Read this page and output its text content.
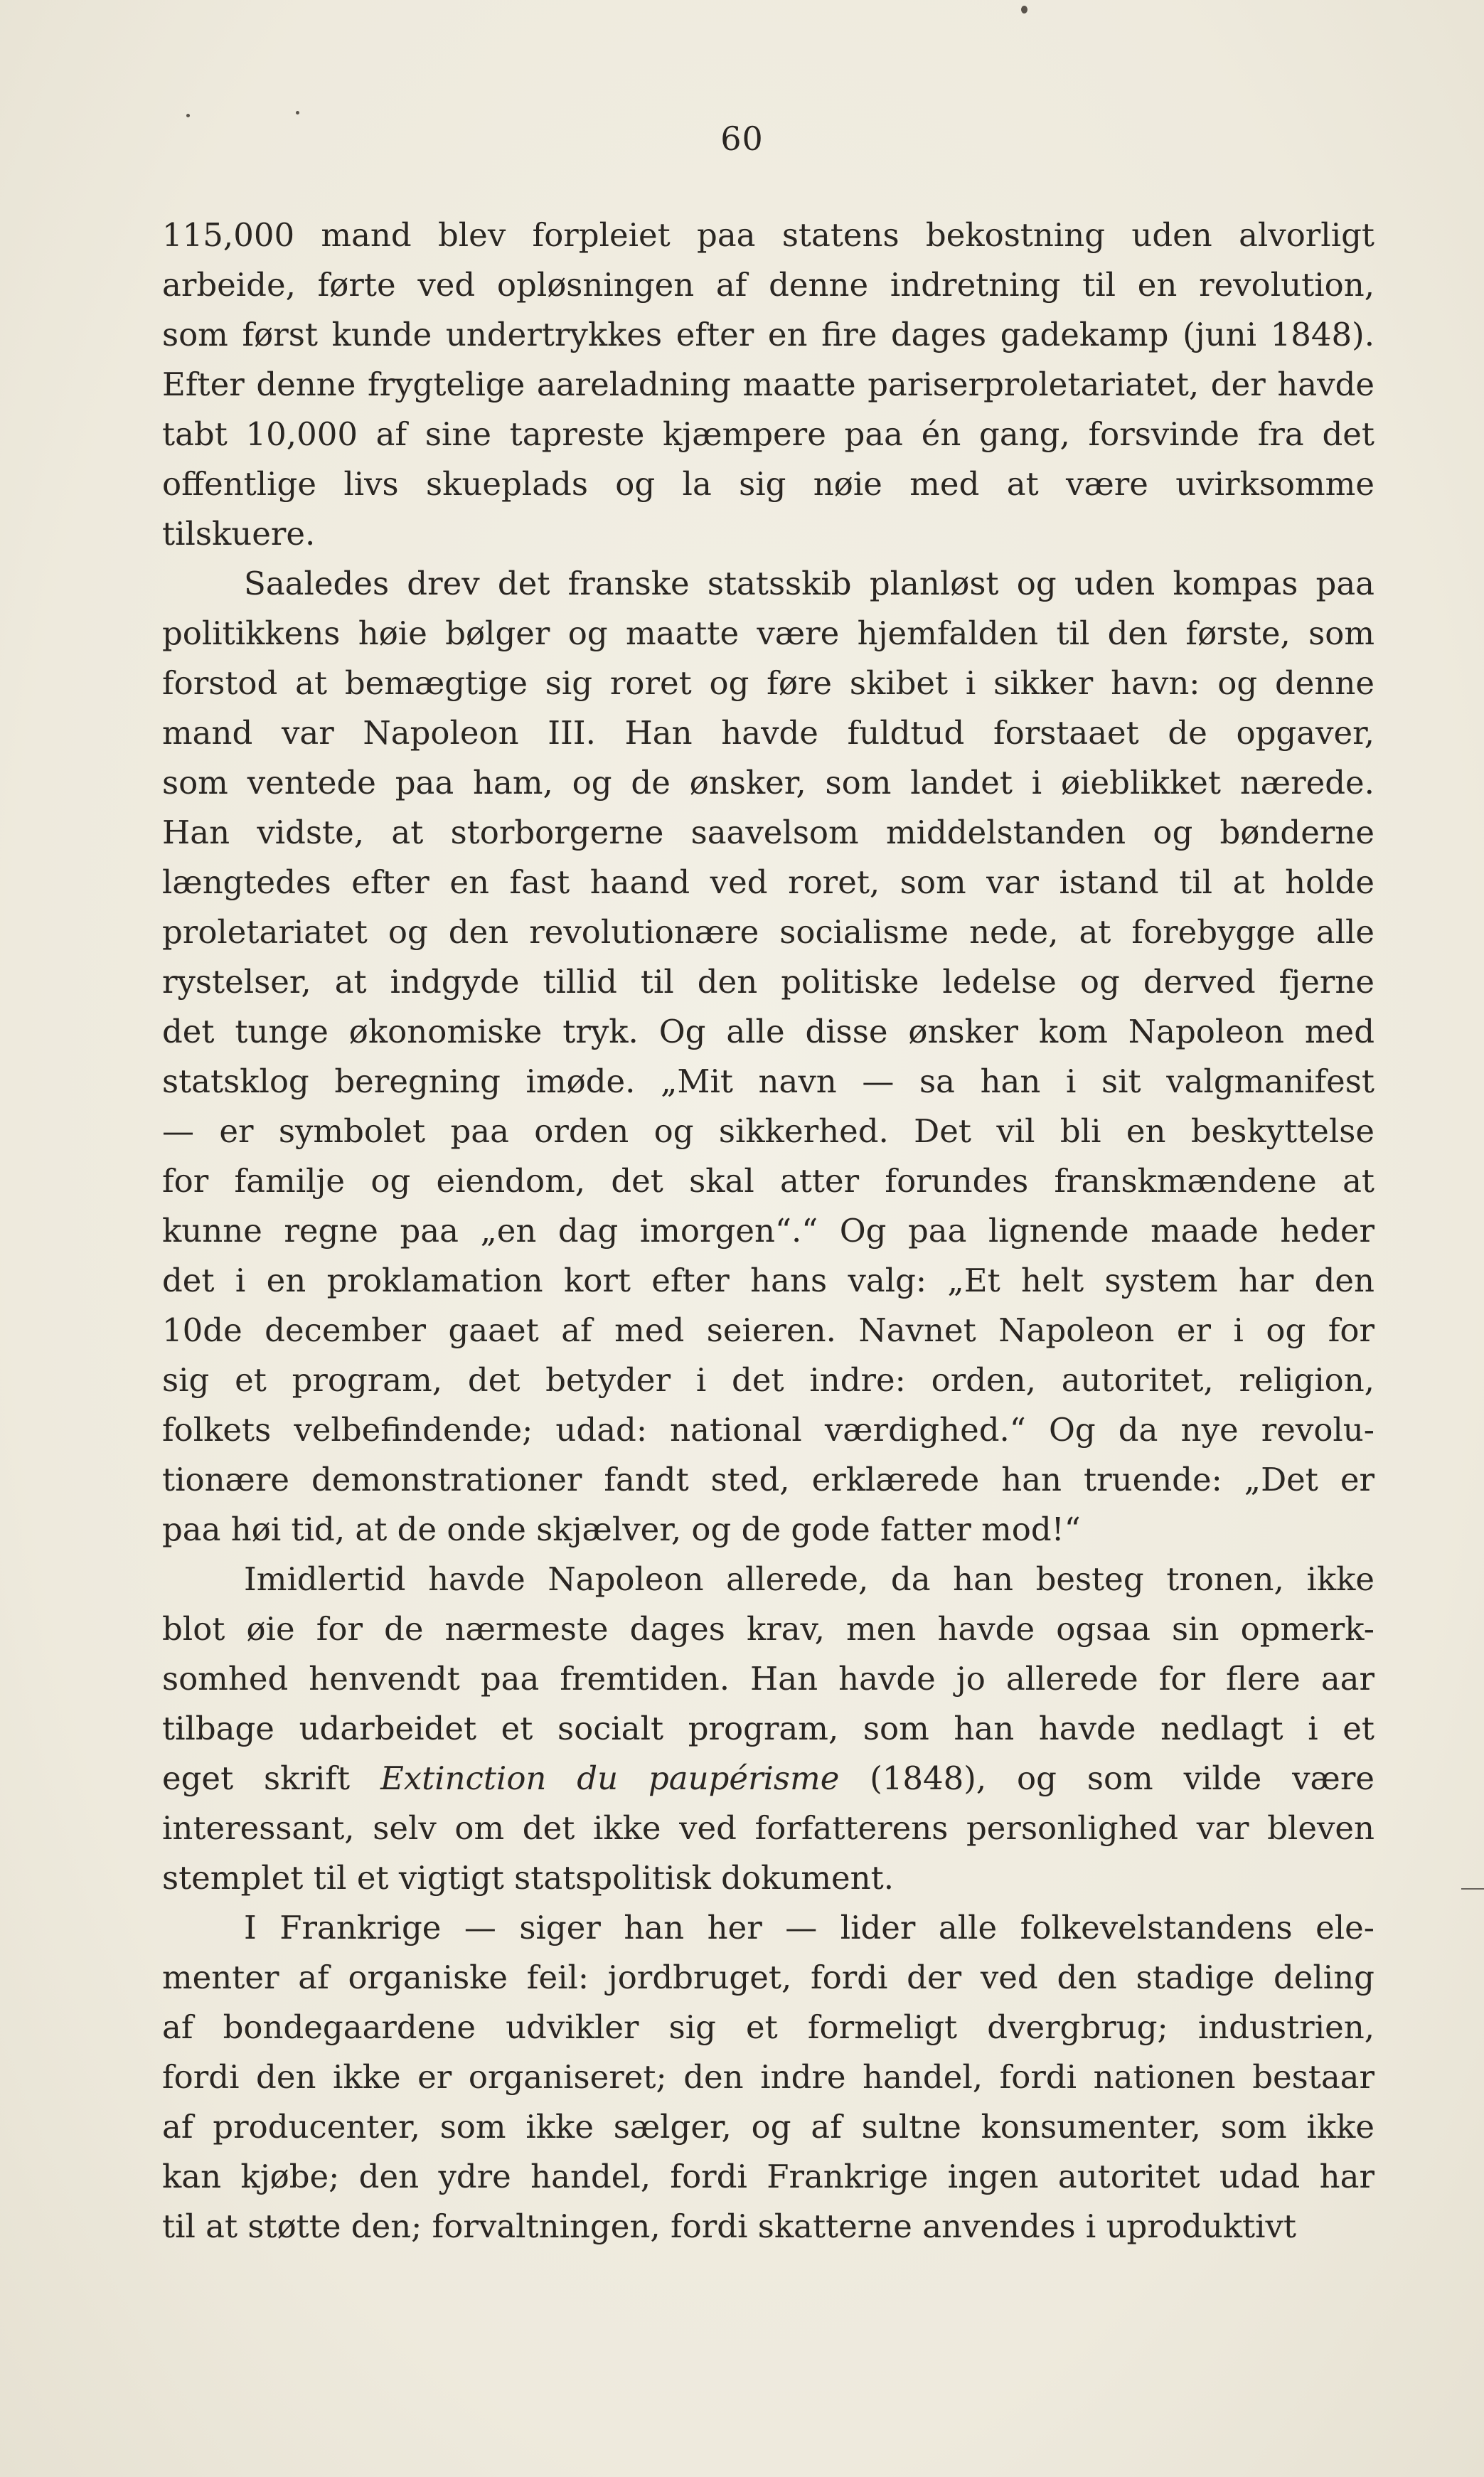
60
115,000 mand blev forpleiet paa statens bekostning uden alvorligt
arbeide, førte ved opløsningen af denne indretning til en revolution,
som først kunde undertrykkes efter en fire dages gadekamp (juni 1848).
Efter denne frygtelige aareladning maatte pariserproletariatet, der havde
tabt 10,000 af sine tapreste kjæmpere paa én gang, forsvinde fra det
offentlige livs skueplads og la sig nøie med at være uvirksomme
tilskuere.
Saaledes drev det franske statsskib planløst og uden kompas paa
politikkens høie bølger og maatte være hjemfalden til den første, som
forstod at bemægtige sig roret og føre skibet i sikker havn: og denne
mand var Napoleon III. Han havde fuldtud forstaaet de opgaver,
som ventede paa ham, og de ønsker, som landet i øieblikket nærede.
Han vidste, at storborgerne saavelsom middelstanden og bønderne
længtedes efter en fast haand ved roret, som var istand til at holde
proletariatet og den revolutionære socialisme nede, at forebygge alle
rystelser, at indgyde tillid til den politiske ledelse og derved fjerne
det tunge økonomiske tryk. Og alle disse ønsker kom Napoleon med
statsklog beregning imøde. „Mit navn — sa han i sit valgmanifest
— er symbolet paa orden og sikkerhed. Det vil bli en beskyttelse
for familje og eiendom, det skal atter forundes franskmændene at
kunne regne paa „en dag imorgen“.“ Og paa lignende maade heder
det i en proklamation kort efter hans valg: „Et helt system har den
10de december gaaet af med seieren. Navnet Napoleon er i og for
sig et program, det betyder i det indre: orden, autoritet, religion,
folkets velbefindende; udad: national værdighed.“ Og da nye revolu-
tionære demonstrationer fandt sted, erklærede han truende: „Det er
paa høi tid, at de onde skjælver, og de gode fatter mod!“
Imidlertid havde Napoleon allerede, da han besteg tronen, ikke
blot øie for de nærmeste dages krav, men havde ogsaa sin opmerk-
somhed henvendt paa fremtiden. Han havde jo allerede for flere aar
tilbage udarbeidet et socialt program, som han havde nedlagt i et
eget skrift Extinction du paupérisme (1848), og som vilde være
interessant, selv om det ikke ved forfatterens personlighed var bleven
stemplet til et vigtigt statspolitisk dokument.
I Frankrige — siger han her — lider alle folkevelstandens ele-
menter af organiske feil: jordbruget, fordi der ved den stadige deling
af bondegaardene udvikler sig et formeligt dvergbrug; industrien,
fordi den ikke er organiseret; den indre handel, fordi nationen bestaar
af producenter, som ikke sælger, og af sultne konsumenter, som ikke
kan kjøbe; den ydre handel, fordi Frankrige ingen autoritet udad har
til at støtte den; forvaltningen, fordi skatterne anvendes i uproduktivt
